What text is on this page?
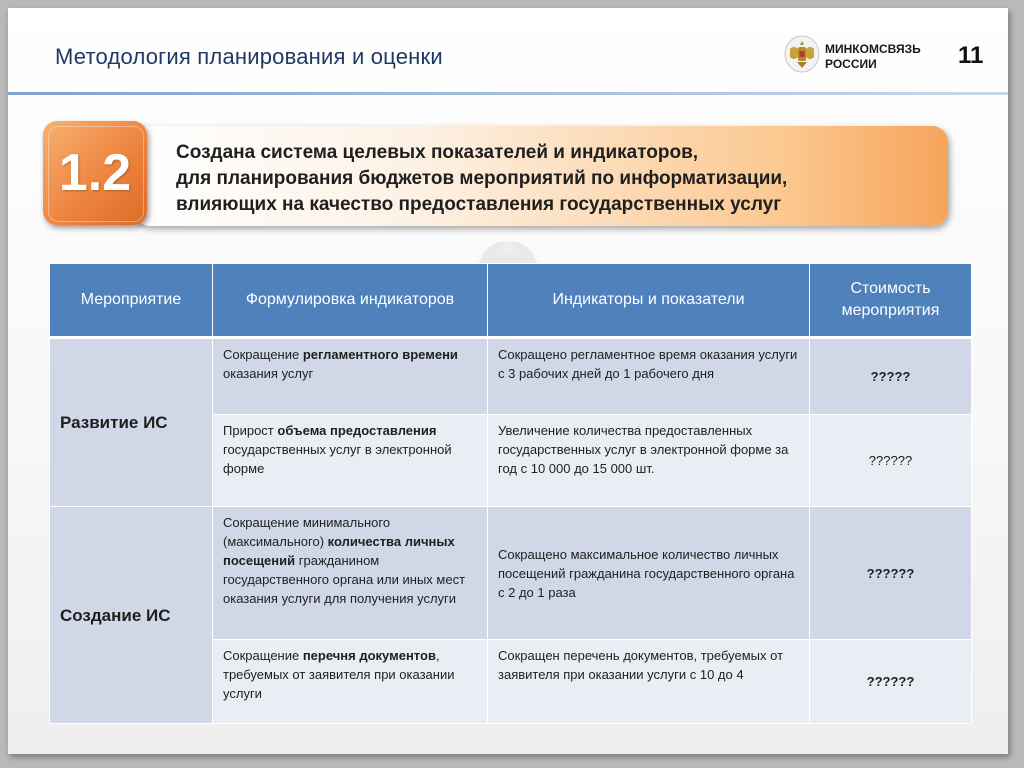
Методология планирования и оценки	МИНКОМСВЯЗЬ
РОССИИ	11
Создана система целевых показателей и индикаторов,
для планирования бюджетов мероприятий по информатизации,
влияющих на качество предоставления государственных услуг
1.2
Мероприятие	Формулировка индикаторов	Индикаторы и показатели	Стоимость мероприятия
Развитие ИС	Сокращение регламентного времени оказания услуг	Сокращено регламентное время оказания услуги с 3 рабочих дней до 1 рабочего дня	?????
	Прирост объема предоставления государственных услуг в электронной форме	Увеличение количества предоставленных государственных услуг в электронной форме за год с 10 000 до 15 000 шт.	??????
Создание ИС	Сокращение минимального (максимального) количества личных посещений гражданином государственного органа или иных мест оказания услуги для получения услуги	Сокращено максимальное количество личных посещений гражданина государственного органа с 2 до 1 раза	??????
	Сокращение перечня документов, требуемых от заявителя при оказании услуги	Сокращен перечень документов, требуемых от заявителя при оказании услуги с 10 до 4	??????
